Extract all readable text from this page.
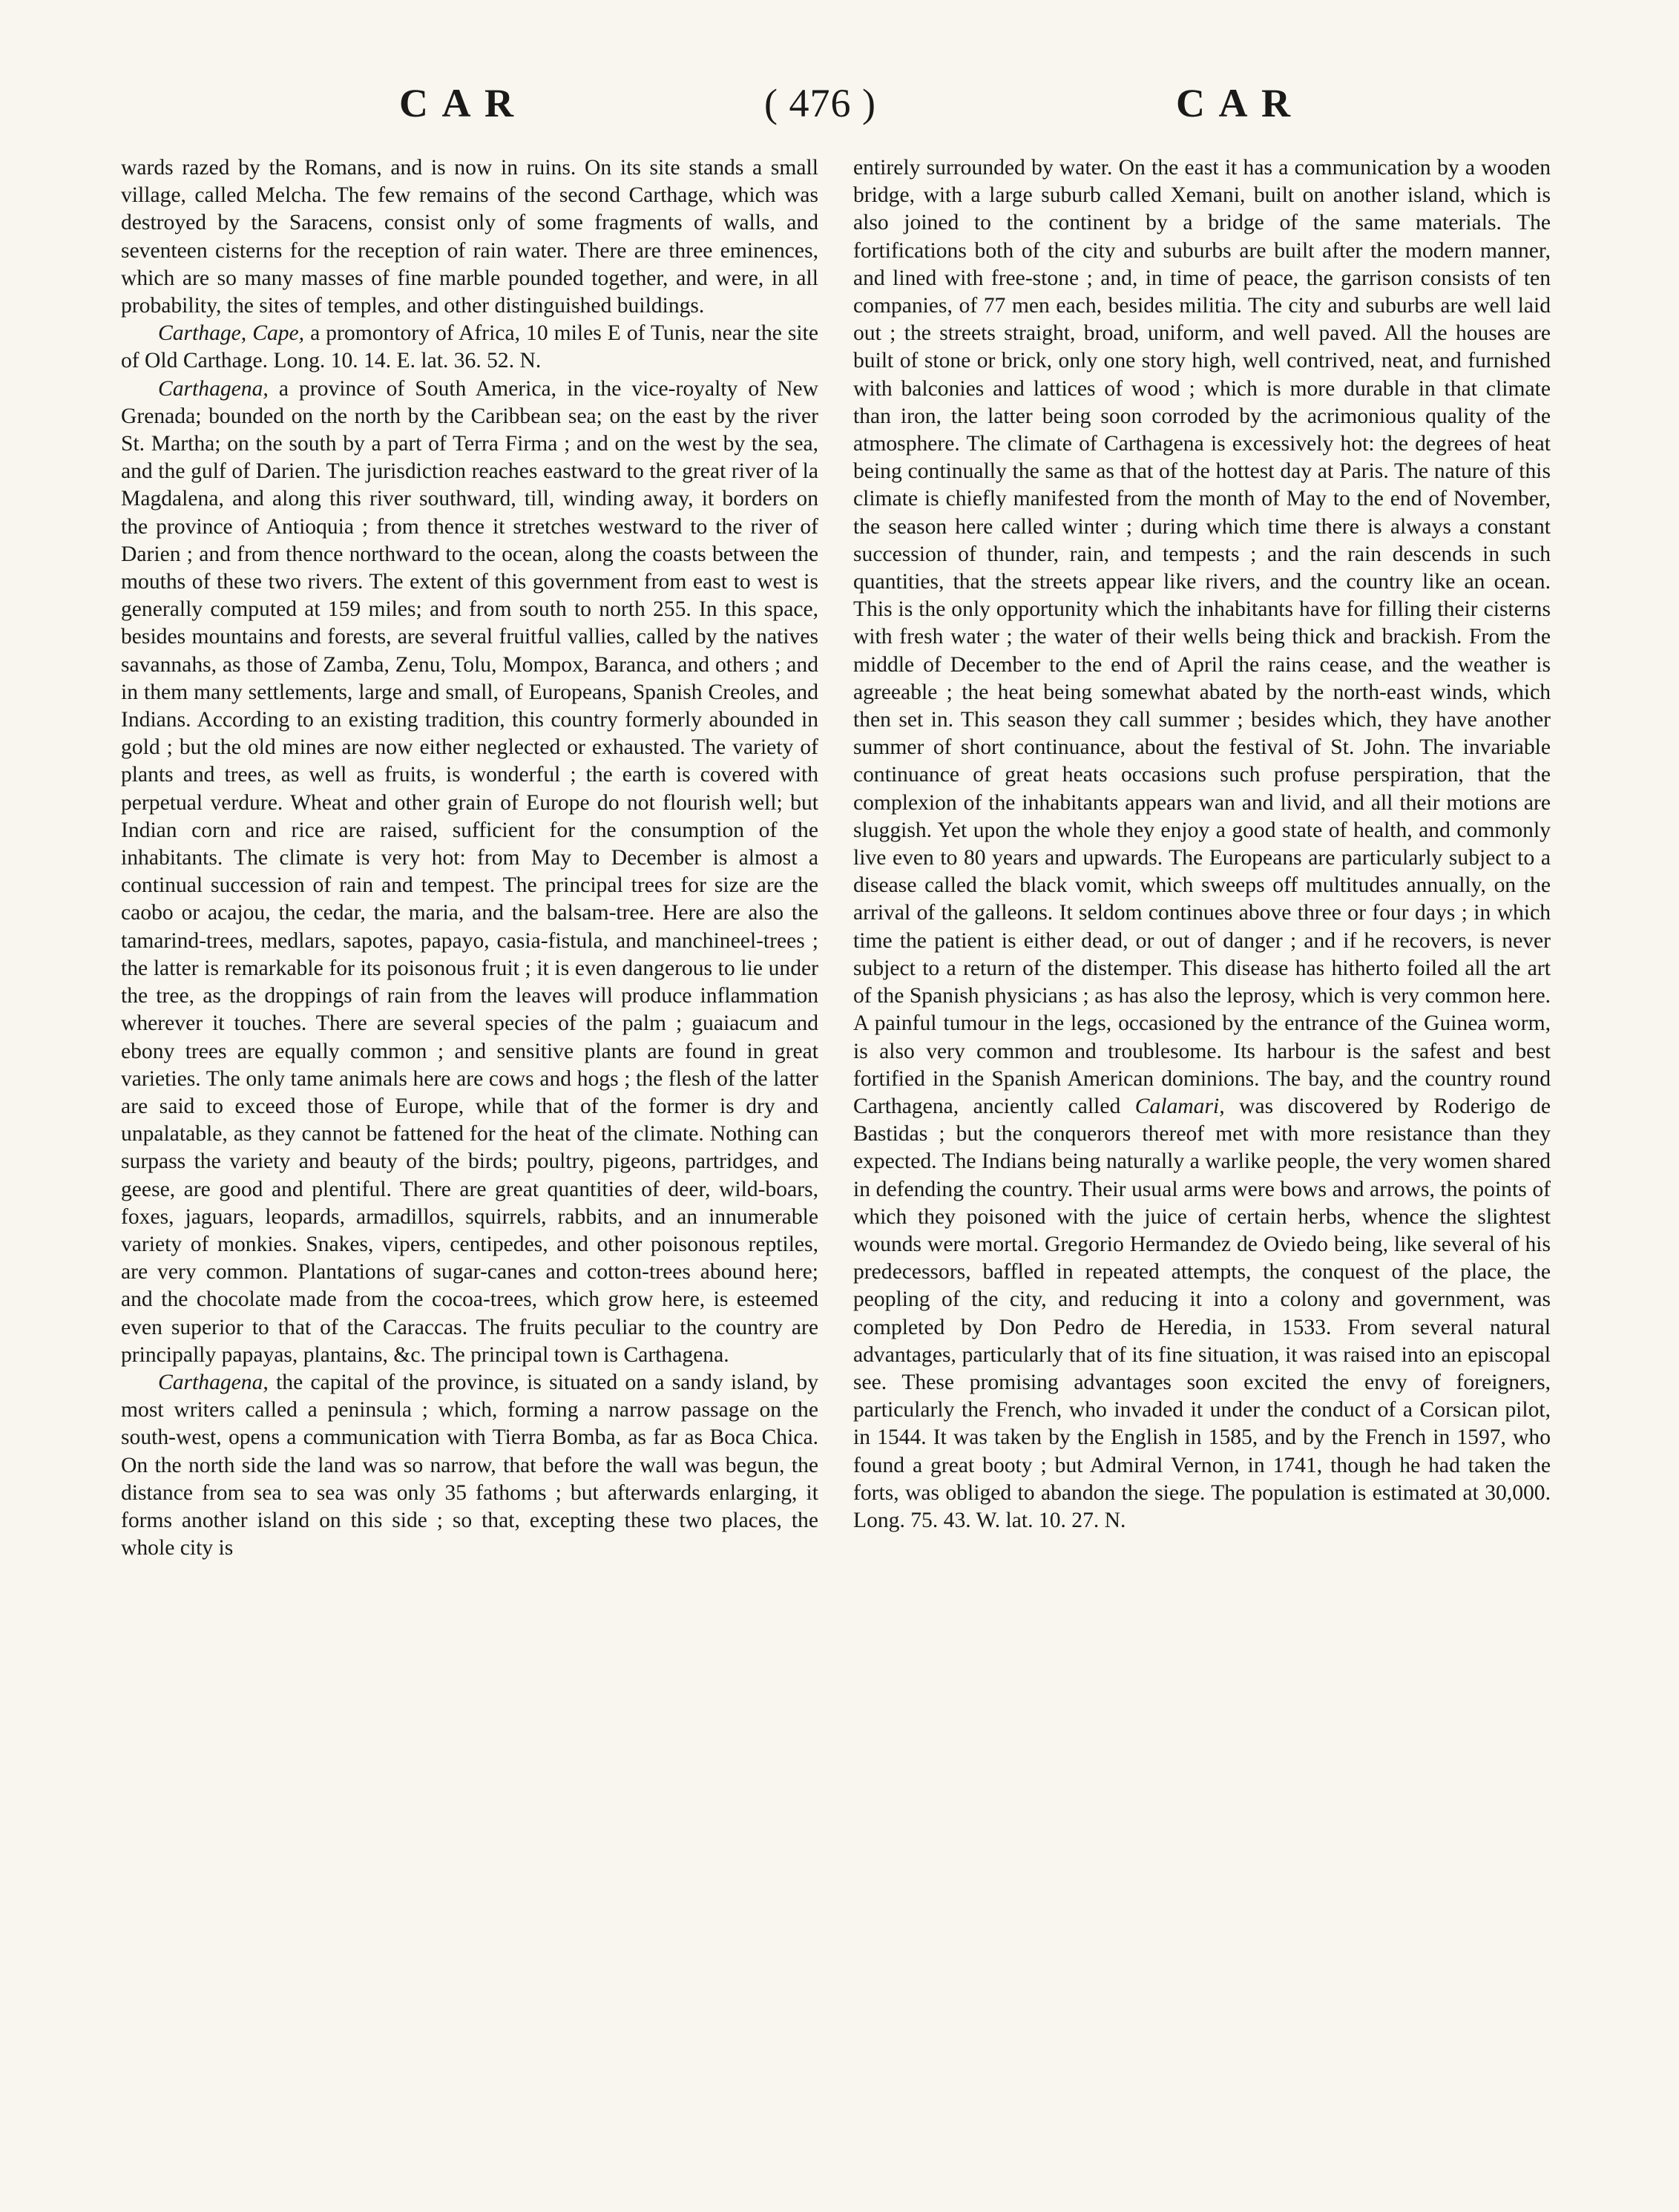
C A R	( 476 )	C A R

wards razed by the Romans, and is now in ruins. On its site stands a small village, called Melcha. The few remains of the second Carthage, which was destroyed by the Saracens, consist only of some fragments of walls, and seventeen cisterns for the reception of rain water. There are three eminences, which are so many masses of fine marble pounded together, and were, in all probability, the sites of temples, and other distinguished buildings.

Carthage, Cape, a promontory of Africa, 10 miles E of Tunis, near the site of Old Carthage. Long. 10. 14. E. lat. 36. 52. N.

Carthagena, a province of South America, in the vice-royalty of New Grenada; bounded on the north by the Caribbean sea; on the east by the river St. Martha; on the south by a part of Terra Firma ; and on the west by the sea, and the gulf of Darien. The jurisdiction reaches eastward to the great river of la Magdalena, and along this river southward, till, winding away, it borders on the province of Antioquia ; from thence it stretches westward to the river of Darien ; and from thence northward to the ocean, along the coasts between the mouths of these two rivers. The extent of this government from east to west is generally computed at 159 miles; and from south to north 255. In this space, besides mountains and forests, are several fruitful vallies, called by the natives savannahs, as those of Zamba, Zenu, Tolu, Mompox, Baranca, and others ; and in them many settlements, large and small, of Europeans, Spanish Creoles, and Indians. According to an existing tradition, this country formerly abounded in gold ; but the old mines are now either neglected or exhausted. The variety of plants and trees, as well as fruits, is wonderful ; the earth is covered with perpetual verdure. Wheat and other grain of Europe do not flourish well; but Indian corn and rice are raised, sufficient for the consumption of the inhabitants. The climate is very hot: from May to December is almost a continual succession of rain and tempest. The principal trees for size are the caobo or acajou, the cedar, the maria, and the balsam-tree. Here are also the tamarind-trees, medlars, sapotes, papayo, casia-fistula, and manchineel-trees ; the latter is remarkable for its poisonous fruit ; it is even dangerous to lie under the tree, as the droppings of rain from the leaves will produce inflammation wherever it touches. There are several species of the palm ; guaiacum and ebony trees are equally common ; and sensitive plants are found in great varieties. The only tame animals here are cows and hogs ; the flesh of the latter are said to exceed those of Europe, while that of the former is dry and unpalatable, as they cannot be fattened for the heat of the climate. Nothing can surpass the variety and beauty of the birds; poultry, pigeons, partridges, and geese, are good and plentiful. There are great quantities of deer, wild-boars, foxes, jaguars, leopards, armadillos, squirrels, rabbits, and an innumerable variety of monkies. Snakes, vipers, centipedes, and other poisonous reptiles, are very common. Plantations of sugar-canes and cotton-trees abound here; and the chocolate made from the cocoa-trees, which grow here, is esteemed even superior to that of the Caraccas. The fruits peculiar to the country are principally papayas, plantains, &c. The principal town is Carthagena.

Carthagena, the capital of the province, is situated on a sandy island, by most writers called a peninsula ; which, forming a narrow passage on the south-west, opens a communication with Tierra Bomba, as far as Boca Chica. On the north side the land was so narrow, that before the wall was begun, the distance from sea to sea was only 35 fathoms ; but afterwards enlarging, it forms another island on this side ; so that, excepting these two places, the whole city is

entirely surrounded by water. On the east it has a communication by a wooden bridge, with a large suburb called Xemani, built on another island, which is also joined to the continent by a bridge of the same materials. The fortifications both of the city and suburbs are built after the modern manner, and lined with free-stone ; and, in time of peace, the garrison consists of ten companies, of 77 men each, besides militia. The city and suburbs are well laid out ; the streets straight, broad, uniform, and well paved. All the houses are built of stone or brick, only one story high, well contrived, neat, and furnished with balconies and lattices of wood ; which is more durable in that climate than iron, the latter being soon corroded by the acrimonious quality of the atmosphere. The climate of Carthagena is excessively hot: the degrees of heat being continually the same as that of the hottest day at Paris. The nature of this climate is chiefly manifested from the month of May to the end of November, the season here called winter ; during which time there is always a constant succession of thunder, rain, and tempests ; and the rain descends in such quantities, that the streets appear like rivers, and the country like an ocean. This is the only opportunity which the inhabitants have for filling their cisterns with fresh water ; the water of their wells being thick and brackish. From the middle of December to the end of April the rains cease, and the weather is agreeable ; the heat being somewhat abated by the north-east winds, which then set in. This season they call summer ; besides which, they have another summer of short continuance, about the festival of St. John. The invariable continuance of great heats occasions such profuse perspiration, that the complexion of the inhabitants appears wan and livid, and all their motions are sluggish. Yet upon the whole they enjoy a good state of health, and commonly live even to 80 years and upwards. The Europeans are particularly subject to a disease called the black vomit, which sweeps off multitudes annually, on the arrival of the galleons. It seldom continues above three or four days ; in which time the patient is either dead, or out of danger ; and if he recovers, is never subject to a return of the distemper. This disease has hitherto foiled all the art of the Spanish physicians ; as has also the leprosy, which is very common here. A painful tumour in the legs, occasioned by the entrance of the Guinea worm, is also very common and troublesome. Its harbour is the safest and best fortified in the Spanish American dominions. The bay, and the country round Carthagena, anciently called Calamari, was discovered by Roderigo de Bastidas ; but the conquerors thereof met with more resistance than they expected. The Indians being naturally a warlike people, the very women shared in defending the country. Their usual arms were bows and arrows, the points of which they poisoned with the juice of certain herbs, whence the slightest wounds were mortal. Gregorio Hermandez de Oviedo being, like several of his predecessors, baffled in repeated attempts, the conquest of the place, the peopling of the city, and reducing it into a colony and government, was completed by Don Pedro de Heredia, in 1533. From several natural advantages, particularly that of its fine situation, it was raised into an episcopal see. These promising advantages soon excited the envy of foreigners, particularly the French, who invaded it under the conduct of a Corsican pilot, in 1544. It was taken by the English in 1585, and by the French in 1597, who found a great booty ; but Admiral Vernon, in 1741, though he had taken the forts, was obliged to abandon the siege. The population is estimated at 30,000. Long. 75. 43. W. lat. 10. 27. N.
